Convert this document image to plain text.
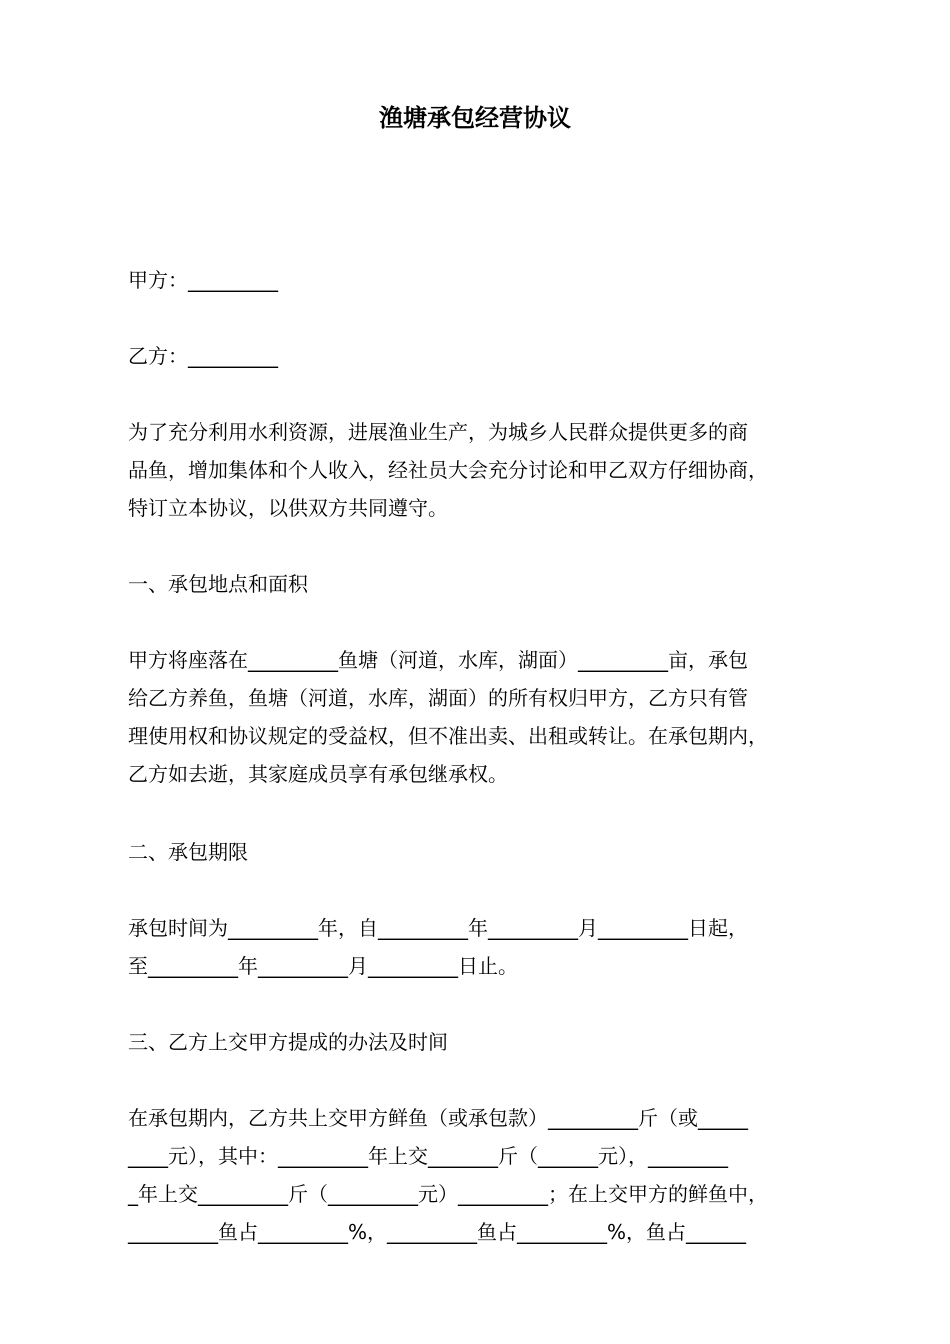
渔塘承包经营协议

甲方：_________

乙方：_________

为了充分利用水利资源，进展渔业生产，为城乡人民群众提供更多的商

品鱼，增加集体和个人收入，经社员大会充分讨论和甲乙双方仔细协商，

特订立本协议，以供双方共同遵守。

一、承包地点和面积

甲方将座落在_________鱼塘（河道，水库，湖面）_________亩，承包

给乙方养鱼，鱼塘（河道，水库，湖面）的所有权归甲方，乙方只有管

理使用权和协议规定的受益权，但不准出卖、出租或转让。在承包期内，

乙方如去逝，其家庭成员享有承包继承权。

二、承包期限

承包时间为_________年，自_________年_________月_________日起，

至_________年_________月_________日止。

三、乙方上交甲方提成的办法及时间

在承包期内，乙方共上交甲方鲜鱼（或承包款）_________斤（或_____

____元），其中：_________年上交_______斤（______元），________

_年上交_________斤（_________元）_________；在上交甲方的鲜鱼中，

_________鱼占_________%，_________鱼占_________%，鱼占______
